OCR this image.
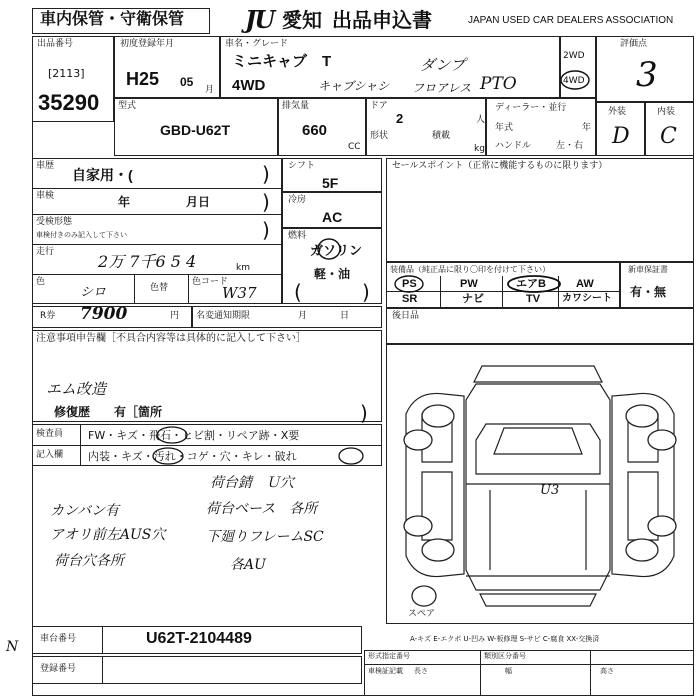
車内保管・守衛保管	JU 愛知 出品申込書	JAPAN USED CAR DEALERS ASSOCIATION
出品番号
[2113]
35290
初度登録年月
H25 05
月
車名・グレード
ミニキャブ　T
4WD	キャブシャシ
ダンプ
フロアレス PTO
2WD
4WD
評価点
3
型式
GBD-U62T
排気量
660
CC
ドア
2	人
形状	積載
kg
ディーラー・並行
年式	年
ハンドル	左・右
外装	内装
D C
車歴
自家用・(	)
車検	年	月日	)
受検形態
車検付きのみ記入して下さい	)
走行	2万 7千6 5 4	km
色
シロ	色替
色コード
W37
R券 7900	円 名変通知期限	月	日
シフト
5F
冷房
AC
燃料
ガソリン
軽・油
(	)
セールスポイント（正常に機能するものに限ります）
装備品（純正品に限り〇印を付けて下さい）
PS	PW	エアB	AW
SR	ナビ	TV カワシート
新車保証書
有・無
後日品
注意事項申告欄［不具合内容等は具体的に記入して下さい］
エム改造
修復歴　　有［箇所	)
検査員
記入欄
FW・キズ・飛石・ヒビ割・リペア跡・X要
内装・キズ・汚れ・コゲ・穴・キレ・破れ
荷台錆　Ｕ穴
荷台ベース　各所
カンバン有
アオリ前左AUS穴	下廻りフレームSC
荷台穴各所	各AU
U3
スペア
A-キズ E-エクボ U-凹み W-板修理 S-サビ C-腐食 XX-交換済
車台番号	U62T-2104489
登録番号
N
形式指定番号	類別区分番号
車検証記載 長さ	幅	高さ
